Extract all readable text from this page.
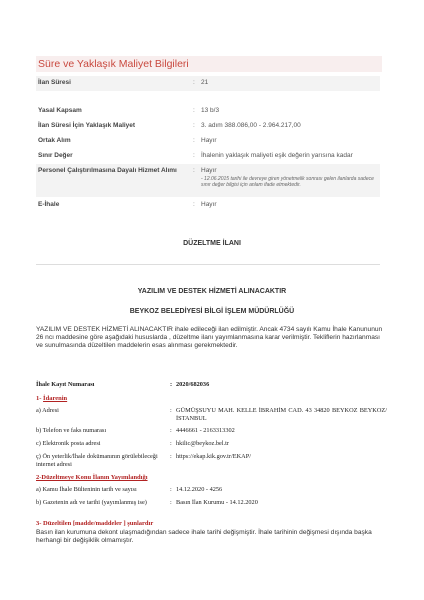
Süre ve Yaklaşık Maliyet Bilgileri
İlan Süresi	: 21
Yasal Kapsam	: 13 b/3
İlan Süresi İçin Yaklaşık Maliyet	: 3. adım 388.086,00 - 2.964.217,00
Ortak Alım	: Hayır
Sınır Değer	: İhalenin yaklaşık maliyeti eşik değerin yarısına kadar
Personel Çalıştırılmasına Dayalı Hizmet Alımı	: Hayır
- 12.06.2015 tarihi ile devreye giren yönetmelik sonrası gelen ilanlarda sadece sınır değer bilgisi için anlam ifade etmektedir.
E-İhale	: Hayır
DÜZELTME İLANI
YAZILIM VE DESTEK HİZMETİ ALINACAKTIR
BEYKOZ BELEDİYESİ BİLGİ İŞLEM MÜDÜRLÜĞÜ
YAZILIM VE DESTEK HİZMETİ ALINACAKTIR ihale edileceği ilan edilmiştir. Ancak 4734 sayılı Kamu İhale Kanununun 26 ncı maddesine göre aşağıdaki hususlarda , düzeltme ilanı yayımlanmasına karar verilmiştir. Tekliflerin hazırlanması ve sunulmasında düzeltilen maddelerin esas alınması gerekmektedir.
İhale Kayıt Numarası	: 2020/682036
1- İdarenin
a) Adresi	: GÜMÜŞSUYU MAH. KELLE İBRAHİM CAD. 43 34820 BEYKOZ BEYKOZ/İSTANBUL
b) Telefon ve faks numarası	: 4446661 - 2163313302
c) Elektronik posta adresi	: hkilic@beykoz.bel.tr
ç) Ön yeterlik/İhale dokümanının görülebileceği internet adresi
: https://ekap.kik.gov.tr/EKAP/
2-Düzeltmeye Konu İlanın Yayımlandığı
a) Kamu İhale Bülteninin tarih ve sayısı	: 14.12.2020 - 4256
b) Gazetenin adı ve tarihi (yayımlanmış ise)	: Basın İlan Kurumu - 14.12.2020
3- Düzeltilen [madde/maddeler ] şunlardır
Basın ilan kurumuna dekont ulaşmadığından sadece ihale tarihi değişmiştir. İhale tarihinin değişmesi dışında başka herhangi bir değişiklik olmamıştır.
